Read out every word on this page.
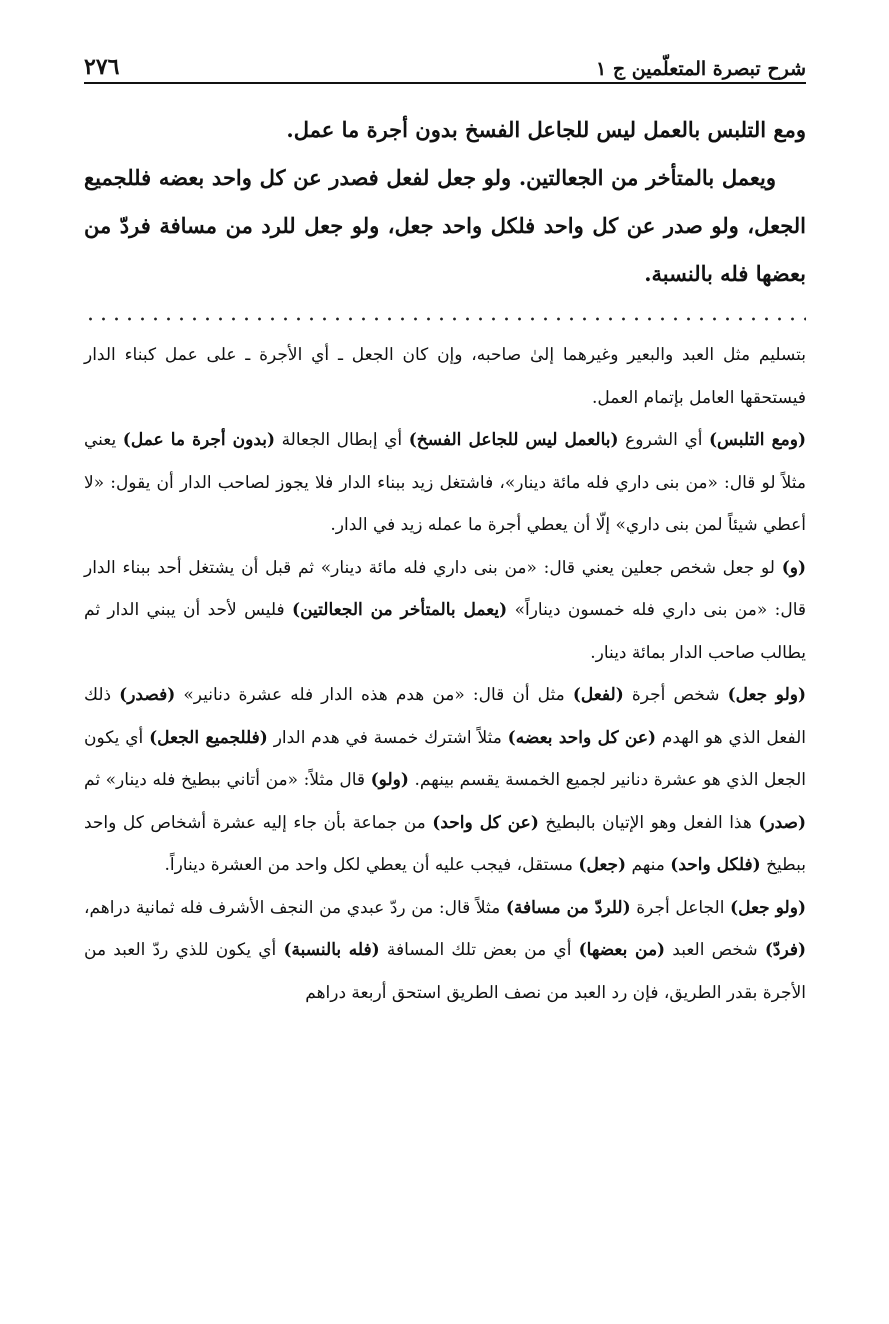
شرح تبصرة المتعلّمين ج ١
٢٧٦

ومع التلبس بالعمل ليس للجاعل الفسخ بدون أجرة ما عمل.

ويعمل بالمتأخر من الجعالتين. ولو جعل لفعل فصدر عن كل واحد بعضه فللجميع الجعل، ولو صدر عن كل واحد فلكل واحد جعل، ولو جعل للرد من مسافة فردّ من بعضها فله بالنسبة.

بتسليم مثل العبد والبعير وغيرهما إلىٰ صاحبه، وإن كان الجعل ـ أي الأجرة ـ على عمل كبناء الدار فيستحقها العامل بإتمام العمل.

(ومع التلبس) أي الشروع (بالعمل ليس للجاعل الفسخ) أي إبطال الجعالة (بدون أجرة ما عمل) يعني مثلاً لو قال: «من بنى داري فله مائة دينار»، فاشتغل زيد ببناء الدار فلا يجوز لصاحب الدار أن يقول: «لا أعطي شيئاً لمن بنى داري» إلّا أن يعطي أجرة ما عمله زيد في الدار.

(و) لو جعل شخص جعلين يعني قال: «من بنى داري فله مائة دينار» ثم قبل أن يشتغل أحد ببناء الدار قال: «من بنى داري فله خمسون ديناراً» (يعمل بالمتأخر من الجعالتين) فليس لأحد أن يبني الدار ثم يطالب صاحب الدار بمائة دينار.

(ولو جعل) شخص أجرة (لفعل) مثل أن قال: «من هدم هذه الدار فله عشرة دنانير» (فصدر) ذلك الفعل الذي هو الهدم (عن كل واحد بعضه) مثلاً اشترك خمسة في هدم الدار (فللجميع الجعل) أي يكون الجعل الذي هو عشرة دنانير لجميع الخمسة يقسم بينهم. (ولو) قال مثلاً: «من أتاني ببطيخ فله دينار» ثم (صدر) هذا الفعل وهو الإتيان بالبطيخ (عن كل واحد) من جماعة بأن جاء إليه عشرة أشخاص كل واحد ببطيخ (فلكل واحد) منهم (جعل) مستقل، فيجب عليه أن يعطي لكل واحد من العشرة ديناراً.

(ولو جعل) الجاعل أجرة (للردّ من مسافة) مثلاً قال: من ردّ عبدي من النجف الأشرف فله ثمانية دراهم، (فردّ) شخص العبد (من بعضها) أي من بعض تلك المسافة (فله بالنسبة) أي يكون للذي ردّ العبد من الأجرة بقدر الطريق، فإن رد العبد من نصف الطريق استحق أربعة دراهم
